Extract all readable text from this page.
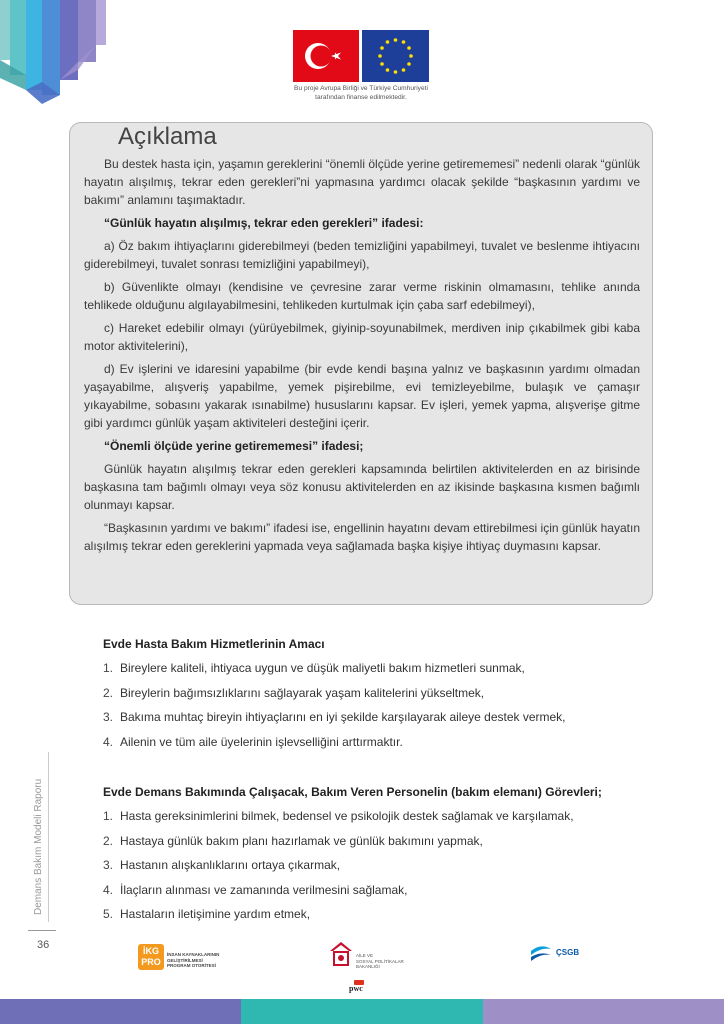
Bu proje Avrupa Birliği ve Türkiye Cumhuriyeti
tarafından finanse edilmektedir.
Açıklama

Bu destek hasta için, yaşamın gereklerini “önemli ölçüde yerine getirememesi” nedenli olarak “günlük hayatın alışılmış, tekrar eden gerekleri”ni yapmasına yardımcı olacak şekilde “başkasının yardımı ve bakımı” anlamını taşımaktadır.

“Günlük hayatın alışılmış, tekrar eden gerekleri” ifadesi:

a) Öz bakım ihtiyaçlarını giderebilmeyi (beden temizliğini yapabilmeyi, tuvalet ve beslenme ihtiyacını giderebilmeyi, tuvalet sonrası temizliğini yapabilmeyi),

b) Güvenlikte olmayı (kendisine ve çevresine zarar verme riskinin olmamasını, tehlike anında tehlikede olduğunu algılayabilmesini, tehlikeden kurtulmak için çaba sarf edebilmeyi),

c) Hareket edebilir olmayı (yürüyebilmek, giyinip-soyunabilmek, merdiven inip çıkabilmek gibi kaba motor aktivitelerini),

d) Ev işlerini ve idaresini yapabilme (bir evde kendi başına yalnız ve başkasının yardımı olmadan yaşayabilme, alışveriş yapabilme, yemek pişirebilme, evi temizleyebilme, bulaşık ve çamaşır yıkayabilme, sobasını yakarak ısınabilme) hususlarını kapsar. Ev işleri, yemek yapma, alışverişe gitme gibi yardımcı günlük yaşam aktiviteleri desteğini içerir.

“Önemli ölçüde yerine getirememesi” ifadesi;

Günlük hayatın alışılmış tekrar eden gerekleri kapsamında belirtilen aktivitelerden en az birisinde başkasına tam bağımlı olmayı veya söz konusu aktivitelerden en az ikisinde başkasına kısmen bağımlı olunmayı kapsar.

“Başkasının yardımı ve bakımı” ifadesi ise, engellinin hayatını devam ettirebilmesi için günlük hayatın alışılmış tekrar eden gereklerini yapmada veya sağlamada başka kişiye ihtiyaç duymasını kapsar.

Evde Hasta Bakım Hizmetlerinin Amacı
1. Bireylere kaliteli, ihtiyaca uygun ve düşük maliyetli bakım hizmetleri sunmak,
2. Bireylerin bağımsızlıklarını sağlayarak yaşam kalitelerini yükseltmek,
3. Bakıma muhtaç bireyin ihtiyaçlarını en iyi şekilde karşılayarak aileye destek vermek,
4. Ailenin ve tüm aile üyelerinin işlevselliğini arttırmaktır.
Evde Demans Bakımında Çalışacak, Bakım Veren Personelin (bakım elemanı) Görevleri;
1. Hasta gereksinimlerini bilmek, bedensel ve psikolojik destek sağlamak ve karşılamak,
2. Hastaya günlük bakım planı hazırlamak ve günlük bakımını yapmak,
3. Hastanın alışkanlıklarını ortaya çıkarmak,
4. İlaçların alınması ve zamanında verilmesini sağlamak,
5. Hastaların iletişimine yardım etmek,
Demans Bakım Modeli Raporu
36	İKG
PRO
İNSAN KAYNAKLARININ
GELİŞTİRİLMESİ
PROGRAM OTORİTESİ
AİLE VE
SOSYAL POLİTİKALAR
BAKANLIĞI
pwc
ÇSGB
